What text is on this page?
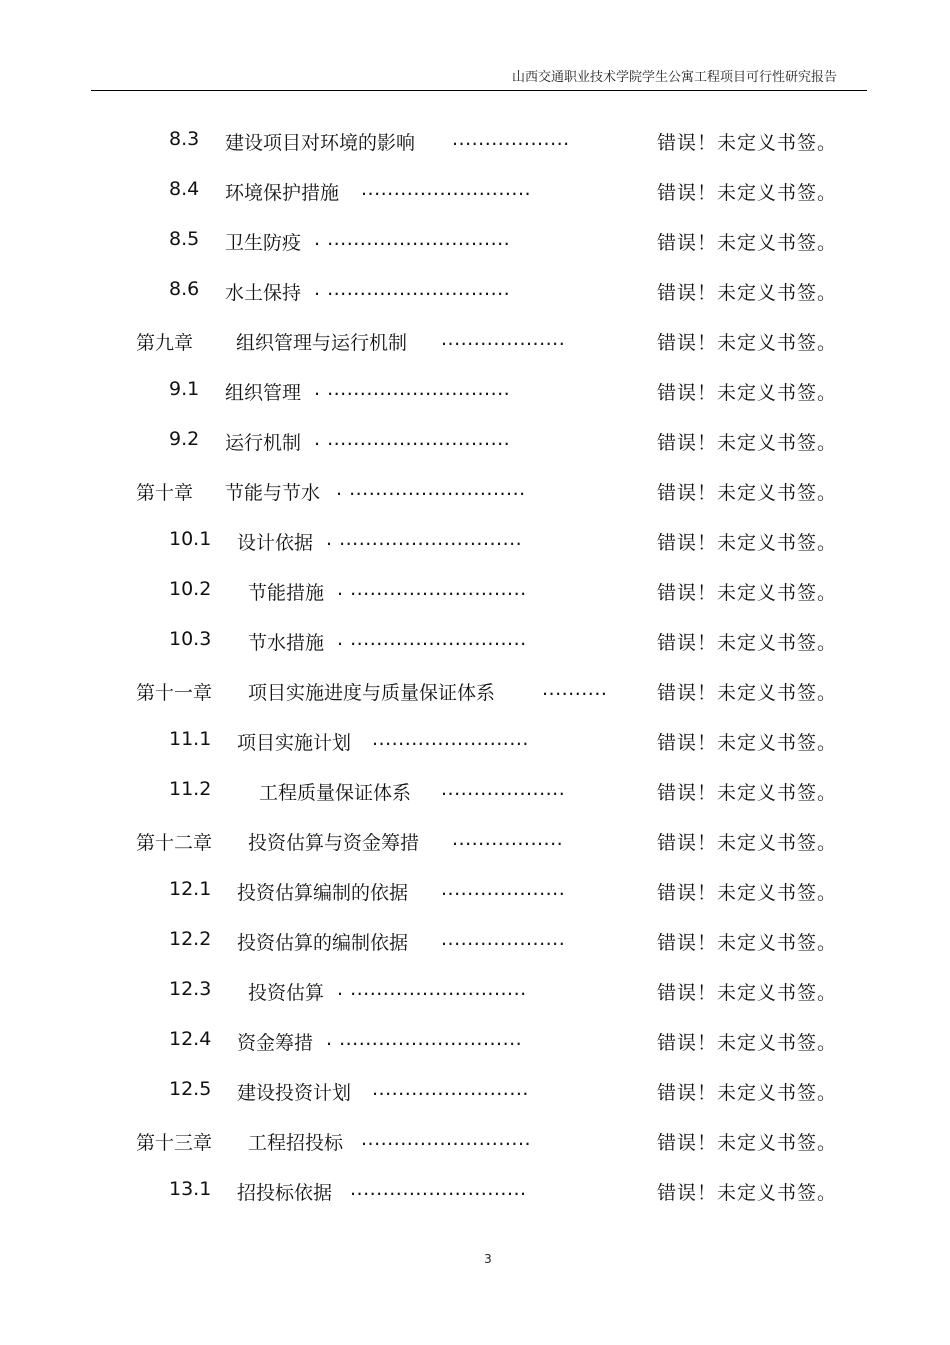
山西交通职业技术学院学生公寓工程项目可行性研究报告
8.3 建设项目对环境的影响 ..................	错误！未定义书签。
8.4 环境保护措施 ..........................	错误！未定义书签。
8.5 卫生防疫 . ............................	错误！未定义书签。
8.6 水土保持 . ............................	错误！未定义书签。
第九章 组织管理与运行机制 ...................	错误！未定义书签。
9.1 组织管理 . ............................	错误！未定义书签。
9.2 运行机制 . ............................	错误！未定义书签。
第十章 节能与节水 . ...........................	错误！未定义书签。
10.1 设计依据 . ............................	错误！未定义书签。
10.2 节能措施 . ...........................	错误！未定义书签。
10.3 节水措施 . ...........................	错误！未定义书签。
第十一章 项目实施进度与质量保证体系 ..........	错误！未定义书签。
11.1 项目实施计划 ........................	错误！未定义书签。
11.2	工程质量保证体系 ...................	错误！未定义书签。
第十二章 投资估算与资金筹措 .................	错误！未定义书签。
12.1 投资估算编制的依据 ...................	错误！未定义书签。
12.2 投资估算的编制依据 ...................	错误！未定义书签。
12.3 投资估算 . ...........................	错误！未定义书签。
12.4 资金筹措 . ............................	错误！未定义书签。
12.5 建设投资计划 ........................	错误！未定义书签。
第十三章 工程招投标 ..........................	错误！未定义书签。
13.1 招投标依据 ...........................	错误！未定义书签。
3
